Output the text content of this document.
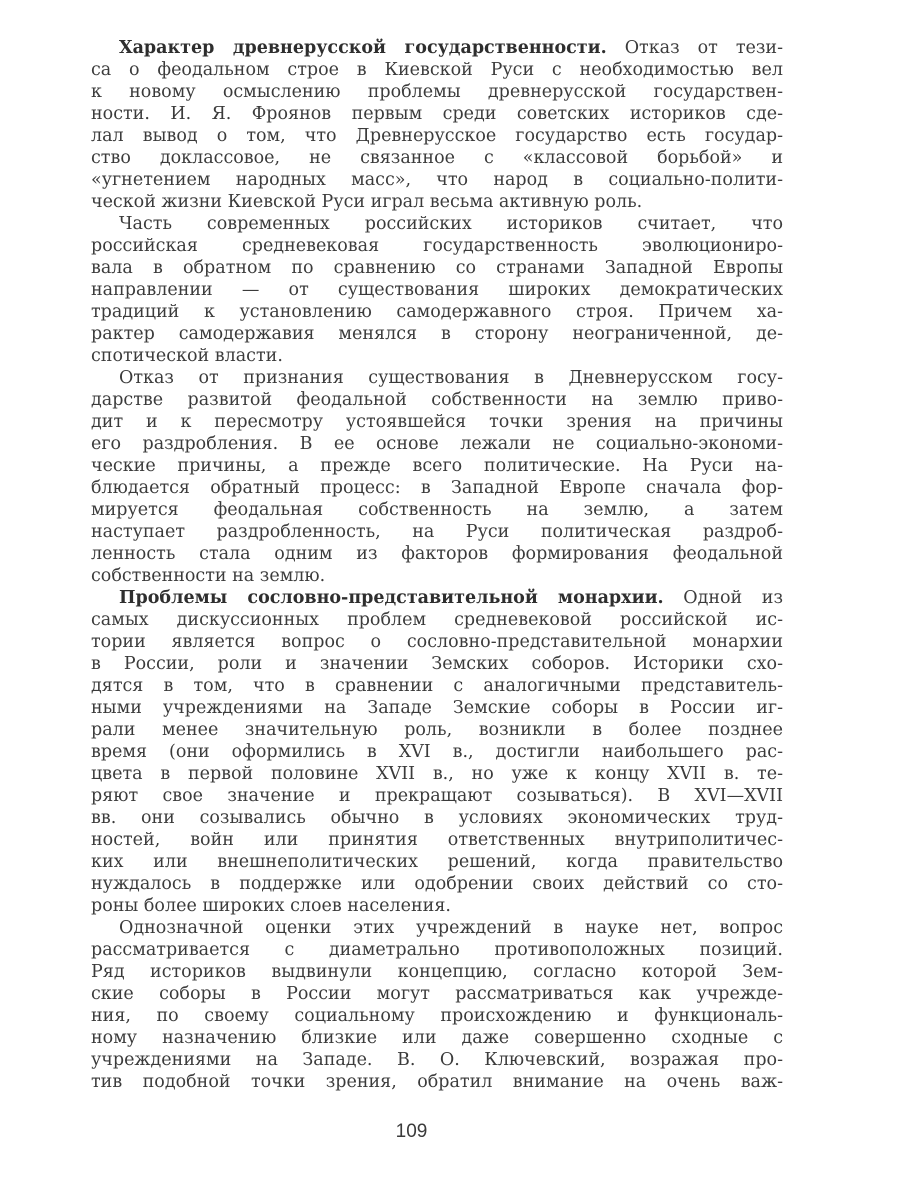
Характер древнерусской государственности. Отказ от тези-
са о феодальном строе в Киевской Руси с необходимостью вел
к новому осмыслению проблемы древнерусской государствен-
ности. И. Я. Фроянов первым среди советских историков сде-
лал вывод о том, что Древнерусское государство есть государ-
ство доклассовое, не связанное с «классовой борьбой» и
«угнетением народных масс», что народ в социально-полити-
ческой жизни Киевской Руси играл весьма активную роль.
Часть современных российских историков считает, что
российская средневековая государственность эволюциониро-
вала в обратном по сравнению со странами Западной Европы
направлении — от существования широких демократических
традиций к установлению самодержавного строя. Причем ха-
рактер самодержавия менялся в сторону неограниченной, де-
спотической власти.
Отказ от признания существования в Дневнерусском госу-
дарстве развитой феодальной собственности на землю приво-
дит и к пересмотру устоявшейся точки зрения на причины
его раздробления. В ее основе лежали не социально-экономи-
ческие причины, а прежде всего политические. На Руси на-
блюдается обратный процесс: в Западной Европе сначала фор-
мируется феодальная собственность на землю, а затем
наступает раздробленность, на Руси политическая раздроб-
ленность стала одним из факторов формирования феодальной
собственности на землю.
Проблемы сословно-представительной монархии. Одной из
самых дискуссионных проблем средневековой российской ис-
тории является вопрос о сословно-представительной монархии
в России, роли и значении Земских соборов. Историки схо-
дятся в том, что в сравнении с аналогичными представитель-
ными учреждениями на Западе Земские соборы в России иг-
рали менее значительную роль, возникли в более позднее
время (они оформились в XVI в., достигли наибольшего рас-
цвета в первой половине XVII в., но уже к концу XVII в. те-
ряют свое значение и прекращают созываться). В XVI—XVII
вв. они созывались обычно в условиях экономических труд-
ностей, войн или принятия ответственных внутриполитичес-
ких или внешнеполитических решений, когда правительство
нуждалось в поддержке или одобрении своих действий со сто-
роны более широких слоев населения.
Однозначной оценки этих учреждений в науке нет, вопрос
рассматривается с диаметрально противоположных позиций.
Ряд историков выдвинули концепцию, согласно которой Зем-
ские соборы в России могут рассматриваться как учрежде-
ния, по своему социальному происхождению и функциональ-
ному назначению близкие или даже совершенно сходные с
учреждениями на Западе. В. О. Ключевский, возражая про-
тив подобной точки зрения, обратил внимание на очень важ-
109
